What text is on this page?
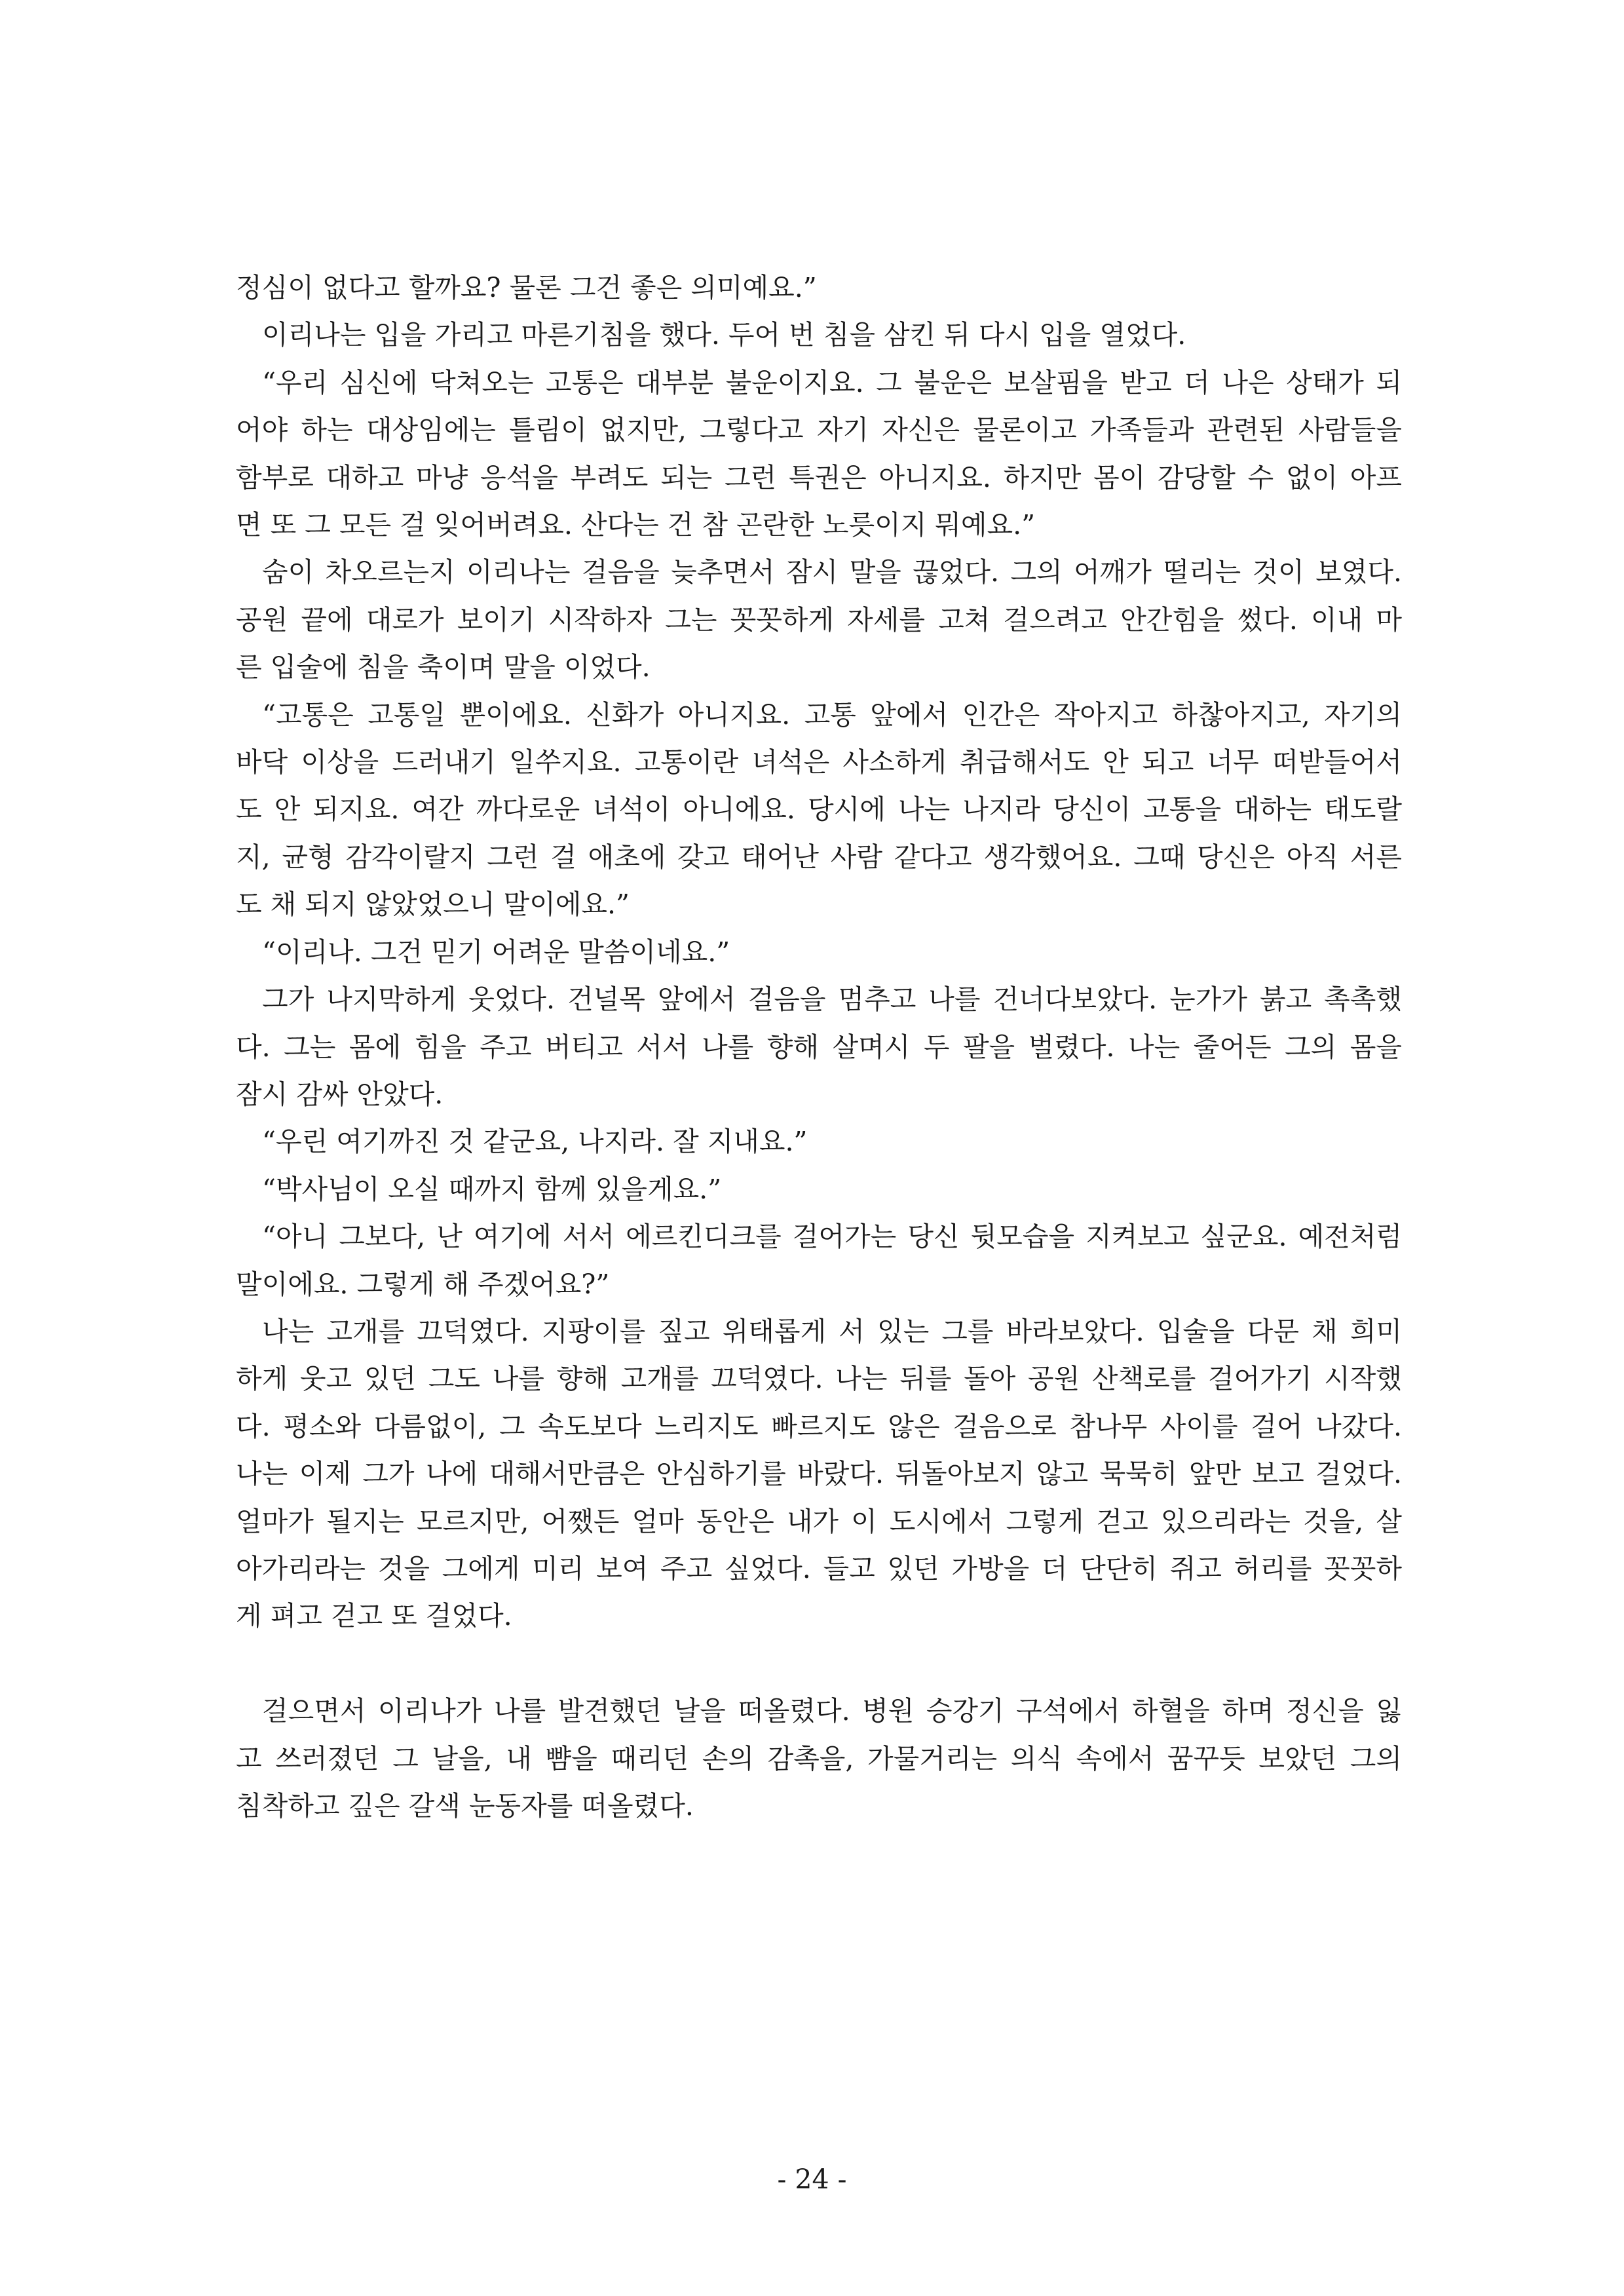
정심이 없다고 할까요? 물론 그건 좋은 의미예요.”
이리나는 입을 가리고 마른기침을 했다. 두어 번 침을 삼킨 뒤 다시 입을 열었다.
“우리 심신에 닥쳐오는 고통은 대부분 불운이지요. 그 불운은 보살핌을 받고 더 나은 상태가 되
어야 하는 대상임에는 틀림이 없지만, 그렇다고 자기 자신은 물론이고 가족들과 관련된 사람들을
함부로 대하고 마냥 응석을 부려도 되는 그런 특권은 아니지요. 하지만 몸이 감당할 수 없이 아프
면 또 그 모든 걸 잊어버려요. 산다는 건 참 곤란한 노릇이지 뭐예요.”
숨이 차오르는지 이리나는 걸음을 늦추면서 잠시 말을 끊었다. 그의 어깨가 떨리는 것이 보였다.
공원 끝에 대로가 보이기 시작하자 그는 꼿꼿하게 자세를 고쳐 걸으려고 안간힘을 썼다. 이내 마
른 입술에 침을 축이며 말을 이었다.
“고통은 고통일 뿐이에요. 신화가 아니지요. 고통 앞에서 인간은 작아지고 하찮아지고, 자기의
바닥 이상을 드러내기 일쑤지요. 고통이란 녀석은 사소하게 취급해서도 안 되고 너무 떠받들어서
도 안 되지요. 여간 까다로운 녀석이 아니에요. 당시에 나는 나지라 당신이 고통을 대하는 태도랄
지, 균형 감각이랄지 그런 걸 애초에 갖고 태어난 사람 같다고 생각했어요. 그때 당신은 아직 서른
도 채 되지 않았었으니 말이에요.”
“이리나. 그건 믿기 어려운 말씀이네요.”
그가 나지막하게 웃었다. 건널목 앞에서 걸음을 멈추고 나를 건너다보았다. 눈가가 붉고 촉촉했
다. 그는 몸에 힘을 주고 버티고 서서 나를 향해 살며시 두 팔을 벌렸다. 나는 줄어든 그의 몸을
잠시 감싸 안았다.
“우린 여기까진 것 같군요, 나지라. 잘 지내요.”
“박사님이 오실 때까지 함께 있을게요.”
“아니 그보다, 난 여기에 서서 에르킨디크를 걸어가는 당신 뒷모습을 지켜보고 싶군요. 예전처럼
말이에요. 그렇게 해 주겠어요?”
나는 고개를 끄덕였다. 지팡이를 짚고 위태롭게 서 있는 그를 바라보았다. 입술을 다문 채 희미
하게 웃고 있던 그도 나를 향해 고개를 끄덕였다. 나는 뒤를 돌아 공원 산책로를 걸어가기 시작했
다. 평소와 다름없이, 그 속도보다 느리지도 빠르지도 않은 걸음으로 참나무 사이를 걸어 나갔다.
나는 이제 그가 나에 대해서만큼은 안심하기를 바랐다. 뒤돌아보지 않고 묵묵히 앞만 보고 걸었다.
얼마가 될지는 모르지만, 어쨌든 얼마 동안은 내가 이 도시에서 그렇게 걷고 있으리라는 것을, 살
아가리라는 것을 그에게 미리 보여 주고 싶었다. 들고 있던 가방을 더 단단히 쥐고 허리를 꼿꼿하
게 펴고 걷고 또 걸었다.
걸으면서 이리나가 나를 발견했던 날을 떠올렸다. 병원 승강기 구석에서 하혈을 하며 정신을 잃
고 쓰러졌던 그 날을, 내 뺨을 때리던 손의 감촉을, 가물거리는 의식 속에서 꿈꾸듯 보았던 그의
침착하고 깊은 갈색 눈동자를 떠올렸다.
- 24 -
